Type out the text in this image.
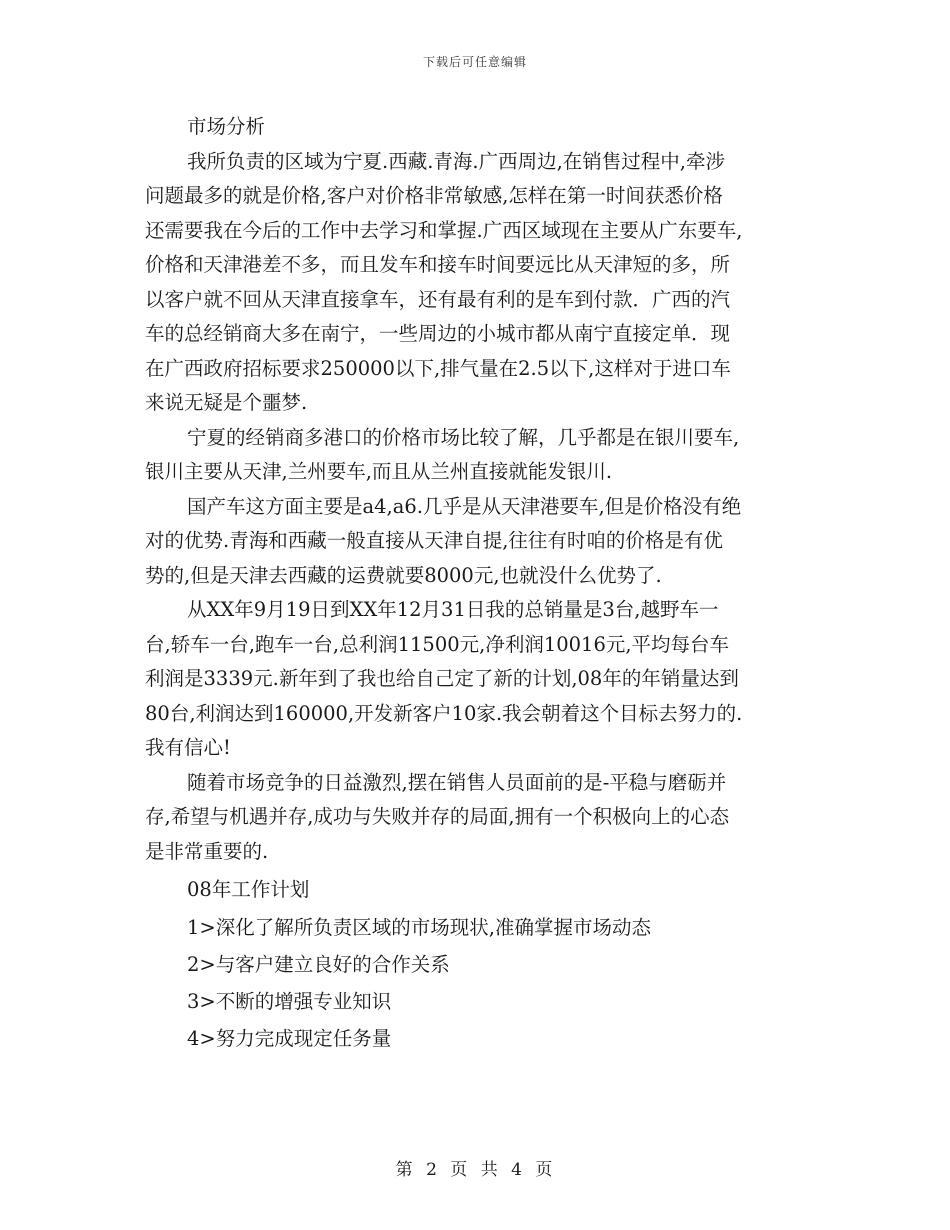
下载后可任意编辑
市场分析
我所负责的区域为宁夏.西藏.青海.广西周边,在销售过程中,牵涉
问题最多的就是价格,客户对价格非常敏感,怎样在第一时间获悉价格
还需要我在今后的工作中去学习和掌握.广西区域现在主要从广东要车,
价格和天津港差不多，而且发车和接车时间要远比从天津短的多，所
以客户就不回从天津直接拿车，还有最有利的是车到付款．广西的汽
车的总经销商大多在南宁，一些周边的小城市都从南宁直接定单．现
在广西政府招标要求250000以下,排气量在2.5以下,这样对于进口车
来说无疑是个噩梦.
宁夏的经销商多港口的价格市场比较了解，几乎都是在银川要车,
银川主要从天津,兰州要车,而且从兰州直接就能发银川.
国产车这方面主要是a4,a6.几乎是从天津港要车,但是价格没有绝
对的优势.青海和西藏一般直接从天津自提,往往有时咱的价格是有优
势的,但是天津去西藏的运费就要8000元,也就没什么优势了.
从XX年9月19日到XX年12月31日我的总销量是3台,越野车一
台,轿车一台,跑车一台,总利润11500元,净利润10016元,平均每台车
利润是3339元.新年到了我也给自己定了新的计划,08年的年销量达到
80台,利润达到160000,开发新客户10家.我会朝着这个目标去努力的.
我有信心!
随着市场竞争的日益激烈,摆在销售人员面前的是-平稳与磨砺并
存,希望与机遇并存,成功与失败并存的局面,拥有一个积极向上的心态
是非常重要的.
08年工作计划
1>深化了解所负责区域的市场现状,准确掌握市场动态
2>与客户建立良好的合作关系
3>不断的增强专业知识
4>努力完成现定任务量
第 2 页 共 4 页
